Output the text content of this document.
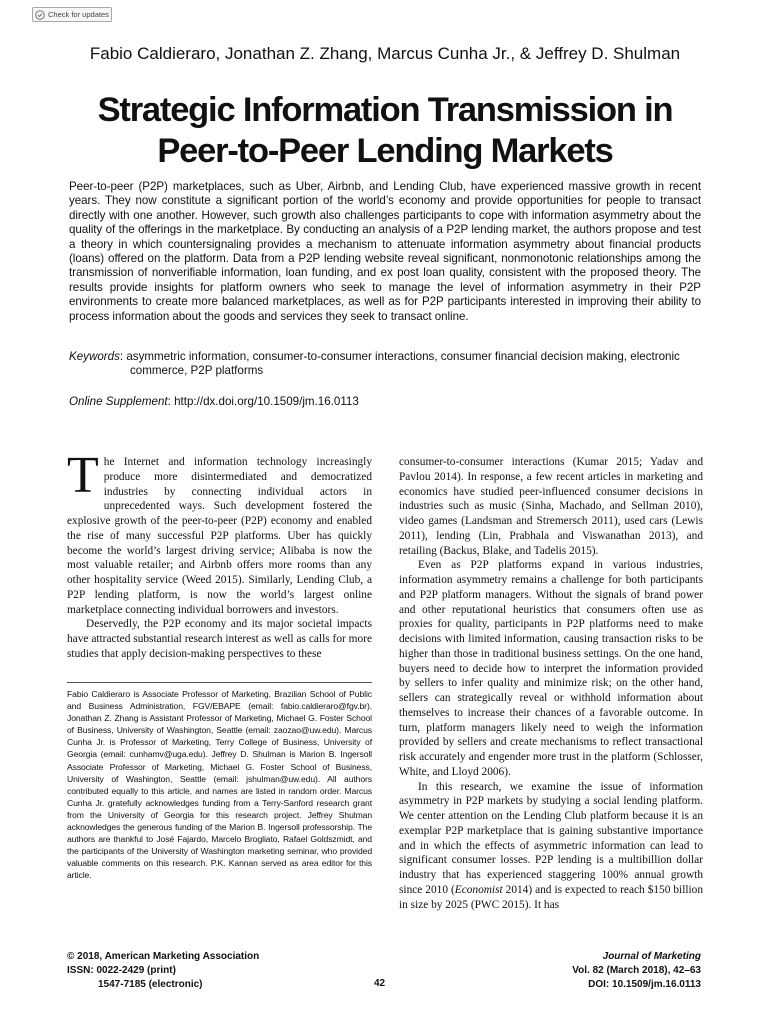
Check for updates
Fabio Caldieraro, Jonathan Z. Zhang, Marcus Cunha Jr., & Jeffrey D. Shulman
Strategic Information Transmission in
Peer-to-Peer Lending Markets

Peer-to-peer (P2P) marketplaces, such as Uber, Airbnb, and Lending Club, have experienced massive growth in recent years. They now constitute a significant portion of the world’s economy and provide opportunities for people to transact directly with one another. However, such growth also challenges participants to cope with information asymmetry about the quality of the offerings in the marketplace. By conducting an analysis of a P2P lending market, the authors propose and test a theory in which countersignaling provides a mechanism to attenuate information asymmetry about financial products (loans) offered on the platform. Data from a P2P lending website reveal significant, nonmonotonic relationships among the transmission of nonverifiable information, loan funding, and ex post loan quality, consistent with the proposed theory. The results provide insights for platform owners who seek to manage the level of information asymmetry in their P2P environments to create more balanced marketplaces, as well as for P2P participants interested in improving their ability to process information about the goods and services they seek to transact online.

Keywords: asymmetric information, consumer-to-consumer interactions, consumer financial decision making, electronic commerce, P2P platforms

Online Supplement: http://dx.doi.org/10.1509/jm.16.0113

The Internet and information technology increasingly produce more disintermediated and democratized industries by connecting individual actors in unprecedented ways. Such development fostered the explosive growth of the peer-to-peer (P2P) economy and enabled the rise of many successful P2P platforms. Uber has quickly become the world’s largest driving service; Alibaba is now the most valuable retailer; and Airbnb offers more rooms than any other hospitality service (Weed 2015). Similarly, Lending Club, a P2P lending platform, is now the world’s largest online marketplace connecting individual borrowers and investors.

Deservedly, the P2P economy and its major societal impacts have attracted substantial research interest as well as calls for more studies that apply decision-making perspectives to these

Fabio Caldieraro is Associate Professor of Marketing, Brazilian School of Public and Business Administration, FGV/EBAPE (email: fabio.caldieraro@fgv.br). Jonathan Z. Zhang is Assistant Professor of Marketing, Michael G. Foster School of Business, University of Washington, Seattle (email: zaozao@uw.edu). Marcus Cunha Jr. is Professor of Marketing, Terry College of Business, University of Georgia (email: cunhamv@uga.edu). Jeffrey D. Shulman is Marion B. Ingersoll Associate Professor of Marketing, Michael G. Foster School of Business, University of Washington, Seattle (email: jshulman@uw.edu). All authors contributed equally to this article, and names are listed in random order. Marcus Cunha Jr. gratefully acknowledges funding from a Terry-Sanford research grant from the University of Georgia for this research project. Jeffrey Shulman acknowledges the generous funding of the Marion B. Ingersoll professorship. The authors are thankful to José Fajardo, Marcelo Brogliato, Rafael Goldszmidt, and the participants of the University of Washington marketing seminar, who provided valuable comments on this research. P.K. Kannan served as area editor for this article.

consumer-to-consumer interactions (Kumar 2015; Yadav and Pavlou 2014). In response, a few recent articles in marketing and economics have studied peer-influenced consumer decisions in industries such as music (Sinha, Machado, and Sellman 2010), video games (Landsman and Stremersch 2011), used cars (Lewis 2011), lending (Lin, Prabhala and Viswanathan 2013), and retailing (Backus, Blake, and Tadelis 2015).

Even as P2P platforms expand in various industries, information asymmetry remains a challenge for both participants and P2P platform managers. Without the signals of brand power and other reputational heuristics that consumers often use as proxies for quality, participants in P2P platforms need to make decisions with limited information, causing transaction risks to be higher than those in traditional business settings. On the one hand, buyers need to decide how to interpret the information provided by sellers to infer quality and minimize risk; on the other hand, sellers can strategically reveal or withhold information about themselves to increase their chances of a favorable outcome. In turn, platform managers likely need to weigh the information provided by sellers and create mechanisms to reflect transactional risk accurately and engender more trust in the platform (Schlosser, White, and Lloyd 2006).

In this research, we examine the issue of information asymmetry in P2P markets by studying a social lending platform. We center attention on the Lending Club platform because it is an exemplar P2P marketplace that is gaining substantive importance and in which the effects of asymmetric information can lead to significant consumer losses. P2P lending is a multibillion dollar industry that has experienced staggering 100% annual growth since 2010 (Economist 2014) and is expected to reach $150 billion in size by 2025 (PWC 2015). It has

© 2018, American Marketing Association
ISSN: 0022-2429 (print)
1547-7185 (electronic)	42
Journal of Marketing
Vol. 82 (March 2018), 42–63
DOI: 10.1509/jm.16.0113
